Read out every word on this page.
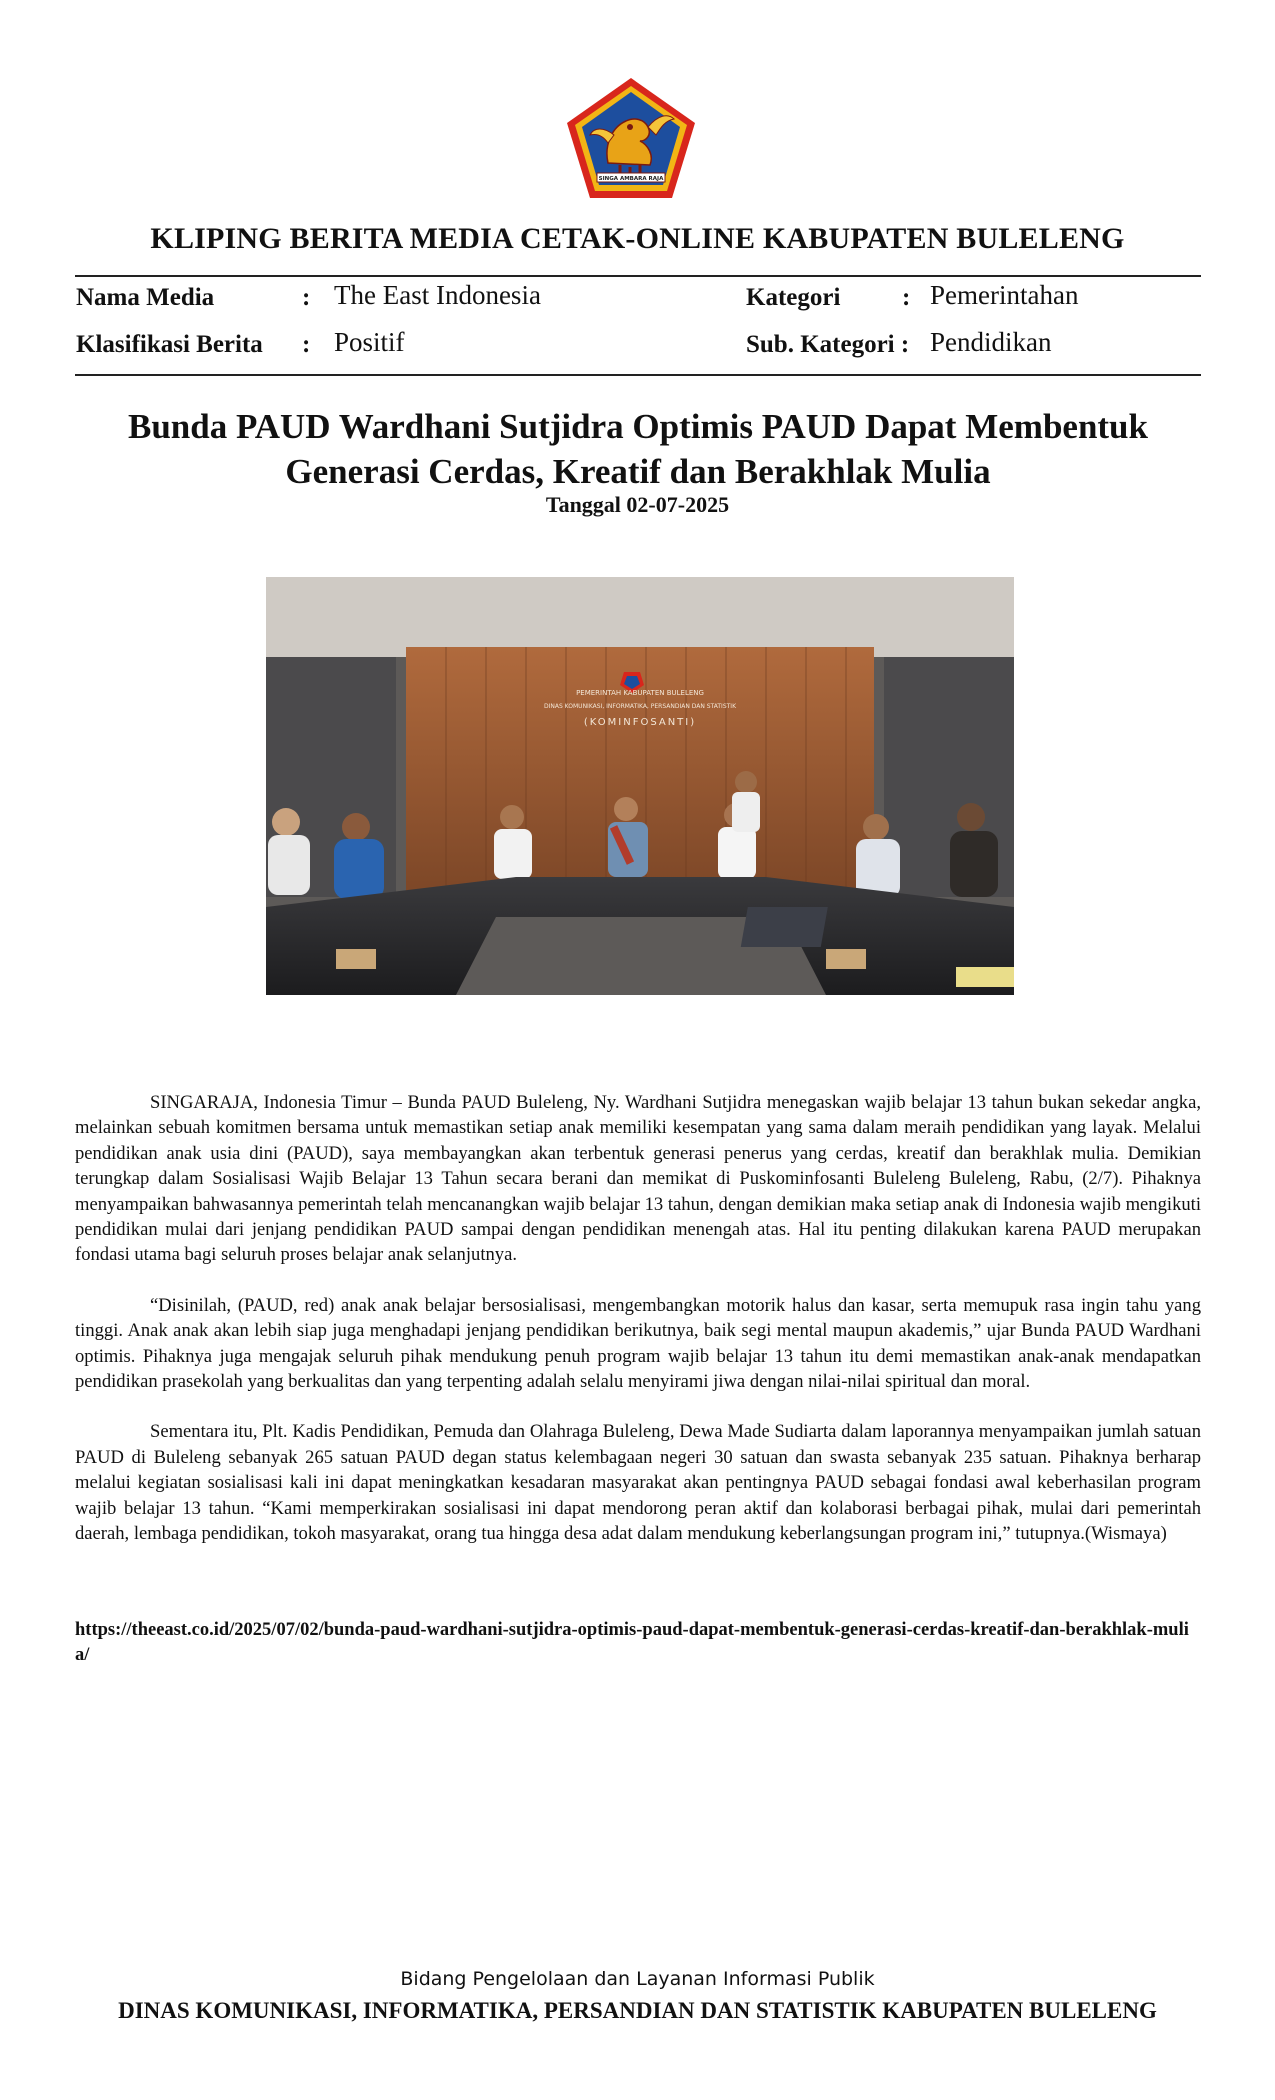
SINGA AMBARA RAJA
KLIPING BERITA MEDIA CETAK-ONLINE KABUPATEN BULELENG
Nama Media	: The East Indonesia	Kategori : Pemerintahan
Klasifikasi Berita : Positif	Sub. Kategori : Pendidikan
Bunda PAUD Wardhani Sutjidra Optimis PAUD Dapat Membentuk Generasi Cerdas, Kreatif dan Berakhlak Mulia
Tanggal 02-07-2025
PEMERINTAH KABUPATEN BULELENG
DINAS KOMUNIKASI, INFORMATIKA, PERSANDIAN DAN STATISTIK
(KOMINFOSANTI)

SINGARAJA, Indonesia Timur – Bunda PAUD Buleleng, Ny. Wardhani Sutjidra menegaskan wajib belajar 13 tahun bukan sekedar angka, melainkan sebuah komitmen bersama untuk memastikan setiap anak memiliki kesempatan yang sama dalam meraih pendidikan yang layak. Melalui pendidikan anak usia dini (PAUD), saya membayangkan akan terbentuk generasi penerus yang cerdas, kreatif dan berakhlak mulia. Demikian terungkap dalam Sosialisasi Wajib Belajar 13 Tahun secara berani dan memikat di Puskominfosanti Buleleng Buleleng, Rabu, (2/7). Pihaknya menyampaikan bahwasannya pemerintah telah mencanangkan wajib belajar 13 tahun, dengan demikian maka setiap anak di Indonesia wajib mengikuti pendidikan mulai dari jenjang pendidikan PAUD sampai dengan pendidikan menengah atas. Hal itu penting dilakukan karena PAUD merupakan fondasi utama bagi seluruh proses belajar anak selanjutnya.

“Disinilah, (PAUD, red) anak anak belajar bersosialisasi, mengembangkan motorik halus dan kasar, serta memupuk rasa ingin tahu yang tinggi. Anak anak akan lebih siap juga menghadapi jenjang pendidikan berikutnya, baik segi mental maupun akademis,” ujar Bunda PAUD Wardhani optimis. Pihaknya juga mengajak seluruh pihak mendukung penuh program wajib belajar 13 tahun itu demi memastikan anak-anak mendapatkan pendidikan prasekolah yang berkualitas dan yang terpenting adalah selalu menyirami jiwa dengan nilai-nilai spiritual dan moral.

Sementara itu, Plt. Kadis Pendidikan, Pemuda dan Olahraga Buleleng, Dewa Made Sudiarta dalam laporannya menyampaikan jumlah satuan PAUD di Buleleng sebanyak 265 satuan PAUD degan status kelembagaan negeri 30 satuan dan swasta sebanyak 235 satuan. Pihaknya berharap melalui kegiatan sosialisasi kali ini dapat meningkatkan kesadaran masyarakat akan pentingnya PAUD sebagai fondasi awal keberhasilan program wajib belajar 13 tahun. “Kami memperkirakan sosialisasi ini dapat mendorong peran aktif dan kolaborasi berbagai pihak, mulai dari pemerintah daerah, lembaga pendidikan, tokoh masyarakat, orang tua hingga desa adat dalam mendukung keberlangsungan program ini,” tutupnya.(Wismaya)

https://theeast.co.id/2025/07/02/bunda-paud-wardhani-sutjidra-optimis-paud-dapat-membentuk-generasi-cerdas-kreatif-dan-berakhlak-mulia/
Bidang Pengelolaan dan Layanan Informasi Publik
DINAS KOMUNIKASI, INFORMATIKA, PERSANDIAN DAN STATISTIK KABUPATEN BULELENG
